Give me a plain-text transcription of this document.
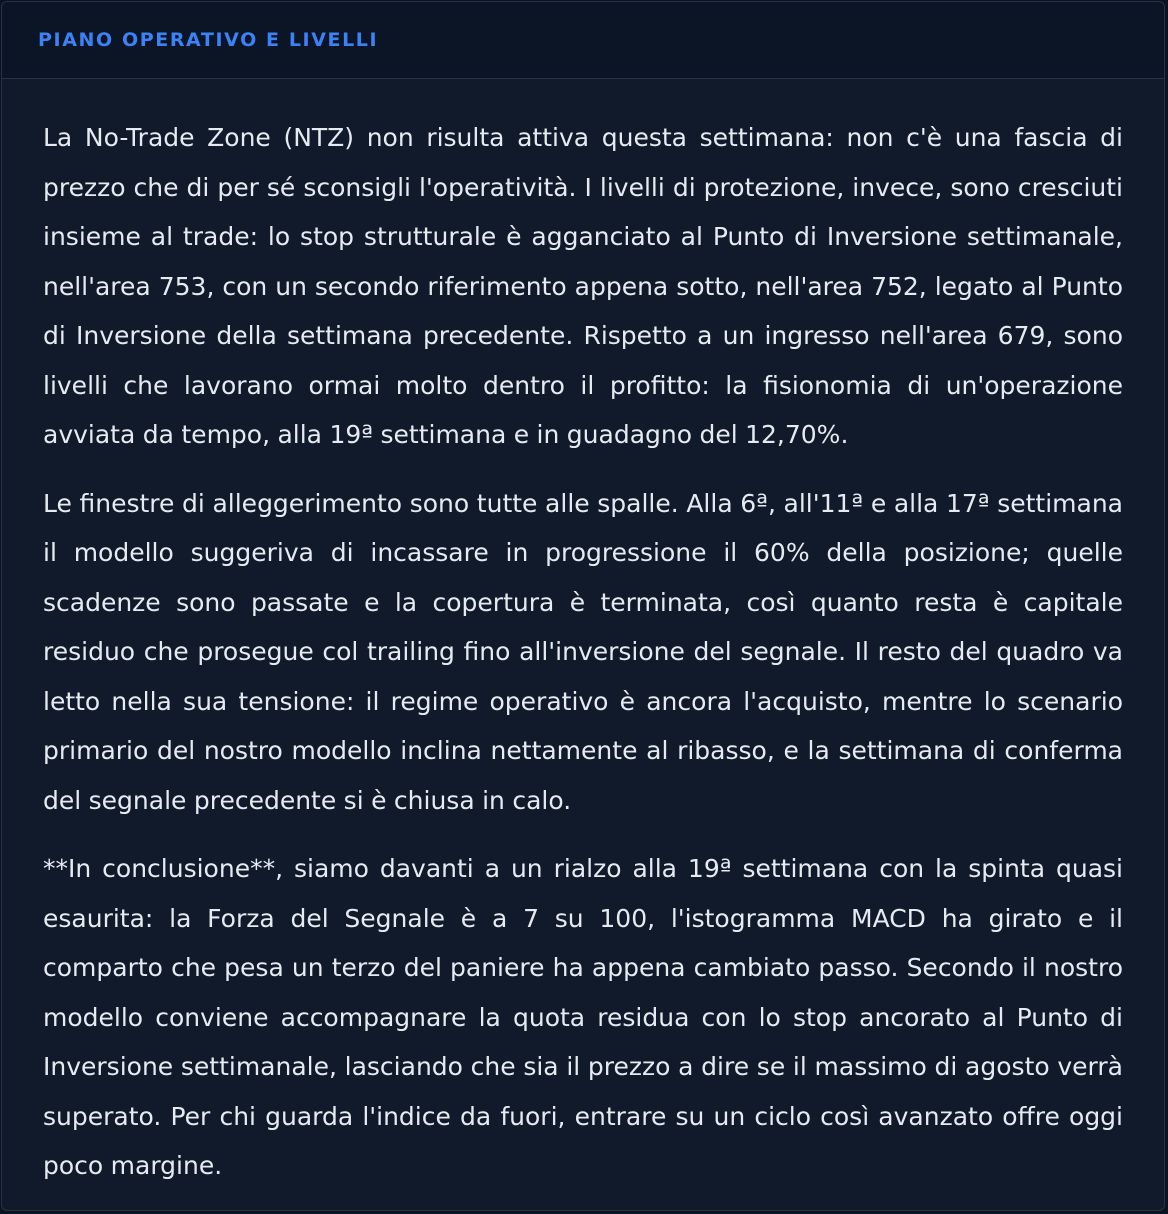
PIANO OPERATIVO E LIVELLI

La No-Trade Zone (NTZ) non risulta attiva questa settimana: non c'è una fascia di prezzo che di per sé sconsigli l'operatività. I livelli di protezione, invece, sono cresciuti insieme al trade: lo stop strutturale è agganciato al Punto di Inversione settimanale, nell'area 753, con un secondo riferimento appena sotto, nell'area 752, legato al Punto di Inversione della settimana precedente. Rispetto a un ingresso nell'area 679, sono livelli che lavorano ormai molto dentro il profitto: la fisionomia di un'operazione avviata da tempo, alla 19ª settimana e in guadagno del 12,70%.

Le finestre di alleggerimento sono tutte alle spalle. Alla 6ª, all'11ª e alla 17ª settimana il modello suggeriva di incassare in progressione il 60% della posizione; quelle scadenze sono passate e la copertura è terminata, così quanto resta è capitale residuo che prosegue col trailing fino all'inversione del segnale. Il resto del quadro va letto nella sua tensione: il regime operativo è ancora l'acquisto, mentre lo scenario primario del nostro modello inclina nettamente al ribasso, e la settimana di conferma del segnale precedente si è chiusa in calo.

**In conclusione**, siamo davanti a un rialzo alla 19ª settimana con la spinta quasi esaurita: la Forza del Segnale è a 7 su 100, l'istogramma MACD ha girato e il comparto che pesa un terzo del paniere ha appena cambiato passo. Secondo il nostro modello conviene accompagnare la quota residua con lo stop ancorato al Punto di Inversione settimanale, lasciando che sia il prezzo a dire se il massimo di agosto verrà superato. Per chi guarda l'indice da fuori, entrare su un ciclo così avanzato offre oggi poco margine.
